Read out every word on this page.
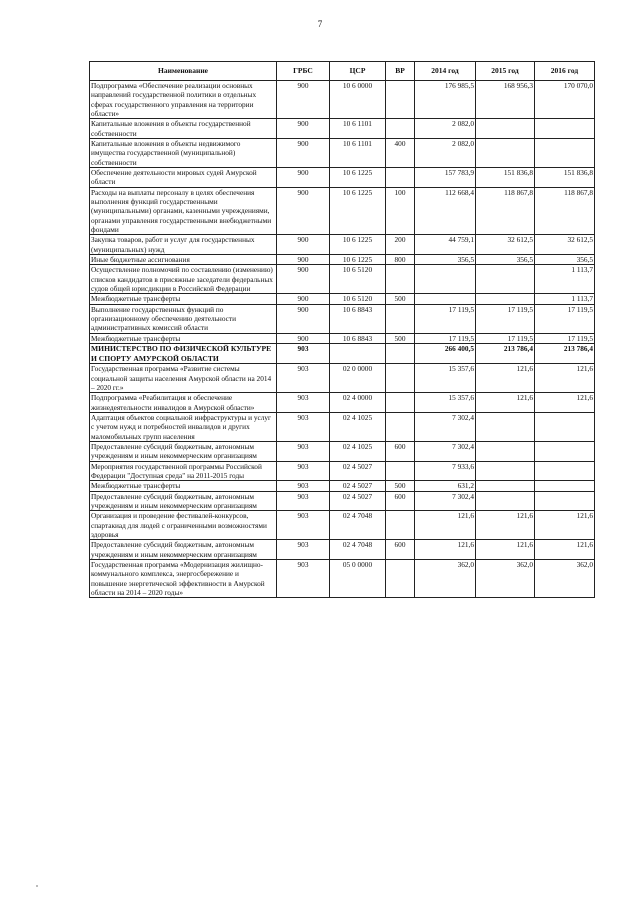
7
Наименование	ГРБС	ЦСР	ВР	2014 год	2015 год	2016 год
Подпрограмма «Обеспечение реализации основных направлений государственной политики в отдельных сферах государственного управления на территории области»	900	10 6 0000		176 985,5	168 956,3	170 070,0
Капитальные вложения в объекты государственной собственности	900	10 6 1101		2 082,0		
Капитальные вложения в объекты недвижимого имущества государственной (муниципальной) собственности	900	10 6 1101	400	2 082,0		
Обеспечение деятельности мировых судей Амурской области	900	10 6 1225		157 783,9	151 836,8	151 836,8
Расходы на выплаты персоналу в целях обеспечения выполнения функций государственными (муниципальными) органами, казенными учреждениями, органами управления государственными внебюджетными фондами	900	10 6 1225	100	112 668,4	118 867,8	118 867,8
Закупка товаров, работ и услуг для государственных (муниципальных) нужд	900	10 6 1225	200	44 759,1	32 612,5	32 612,5
Иные бюджетные ассигнования	900	10 6 1225	800	356,5	356,5	356,5
Осуществление полномочий по составлению (изменению) списков кандидатов в присяжные заседатели федеральных судов общей юрисдикции в Российской Федерации	900	10 6 5120				1 113,7
Межбюджетные трансферты	900	10 6 5120	500			1 113,7
Выполнение государственных функций по организационному обеспечению деятельности административных комиссий области	900	10 6 8843		17 119,5	17 119,5	17 119,5
Межбюджетные трансферты	900	10 6 8843	500	17 119,5	17 119,5	17 119,5
МИНИСТЕРСТВО ПО ФИЗИЧЕСКОЙ КУЛЬТУРЕ И СПОРТУ АМУРСКОЙ ОБЛАСТИ	903			266 400,5	213 786,4	213 786,4
Государственная программа «Развитие системы социальной защиты населения Амурской области на 2014 – 2020 гг.»	903	02 0 0000		15 357,6	121,6	121,6
Подпрограмма «Реабилитация и обеспечение жизнедеятельности инвалидов в Амурской области»	903	02 4 0000		15 357,6	121,6	121,6
Адаптация объектов социальной инфраструктуры и услуг с учетом нужд и потребностей инвалидов и других маломобильных групп населения	903	02 4 1025		7 302,4		
Предоставление субсидий бюджетным, автономным учреждениям и иным некоммерческим организациям	903	02 4 1025	600	7 302,4		
Мероприятия государственной программы Российской Федерации "Доступная среда" на 2011-2015 годы	903	02 4 5027		7 933,6		
Межбюджетные трансферты	903	02 4 5027	500	631,2		
Предоставление субсидий бюджетным, автономным учреждениям и иным некоммерческим организациям	903	02 4 5027	600	7 302,4		
Организация и проведение фестивалей-конкурсов, спартакиад для людей с ограниченными возможностями здоровья	903	02 4 7048		121,6	121,6	121,6
Предоставление субсидий бюджетным, автономным учреждениям и иным некоммерческим организациям	903	02 4 7048	600	121,6	121,6	121,6
Государственная программа «Модернизация жилищно-коммунального комплекса, энергосбережение и повышение энергетической эффективности в Амурской области на 2014 – 2020 годы»	903	05 0 0000		362,0	362,0	362,0
